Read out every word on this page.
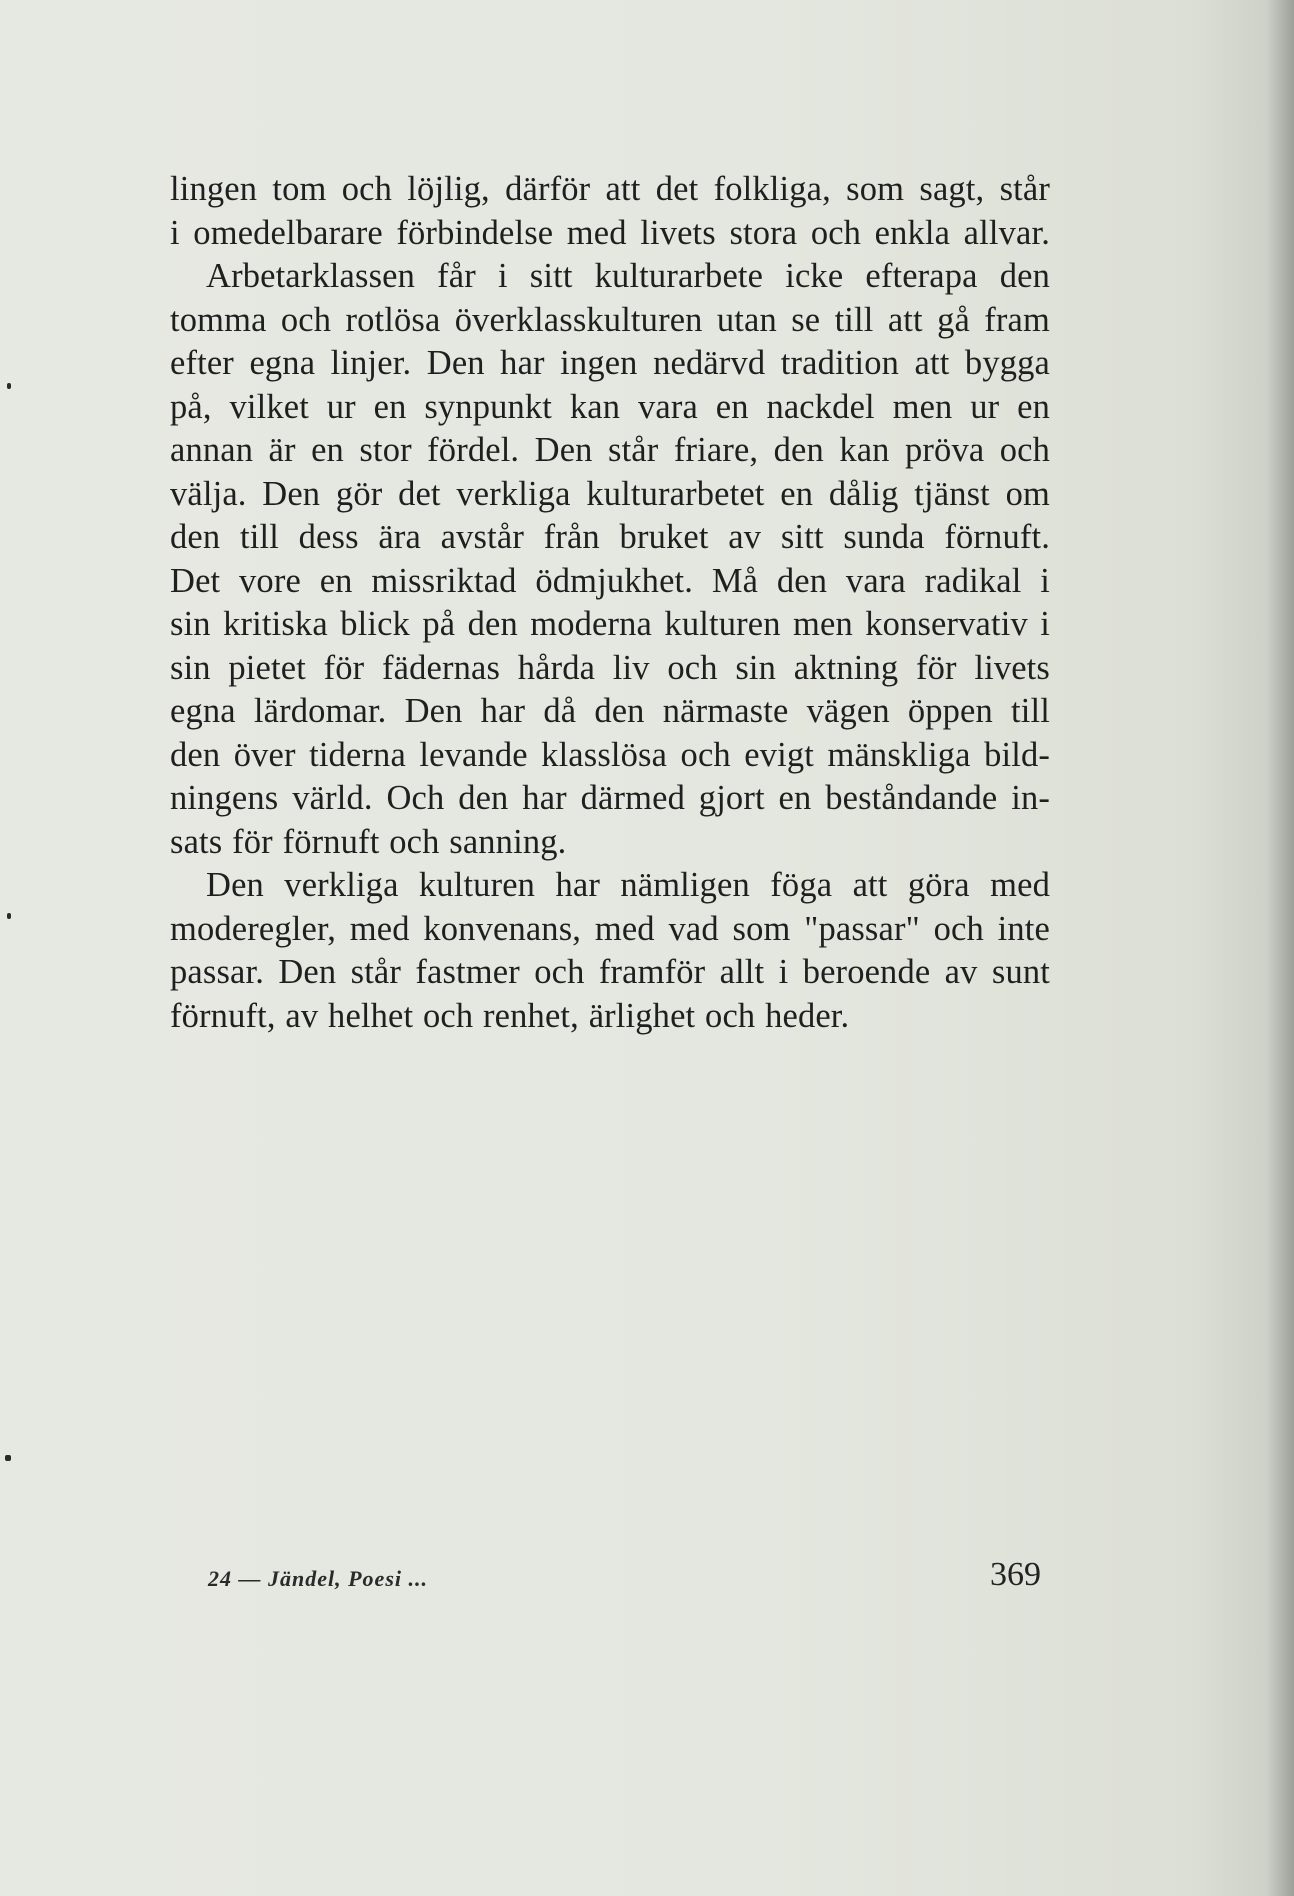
lingen tom och löjlig, därför att det folkliga, som sagt, står
i omedelbarare förbindelse med livets stora och enkla allvar.
Arbetarklassen får i sitt kulturarbete icke efterapa den
tomma och rotlösa överklasskulturen utan se till att gå fram
efter egna linjer. Den har ingen nedärvd tradition att bygga
på, vilket ur en synpunkt kan vara en nackdel men ur en
annan är en stor fördel. Den står friare, den kan pröva och
välja. Den gör det verkliga kulturarbetet en dålig tjänst om
den till dess ära avstår från bruket av sitt sunda förnuft.
Det vore en missriktad ödmjukhet. Må den vara radikal i
sin kritiska blick på den moderna kulturen men konservativ i
sin pietet för fädernas hårda liv och sin aktning för livets
egna lärdomar. Den har då den närmaste vägen öppen till
den över tiderna levande klasslösa och evigt mänskliga bild-
ningens värld. Och den har därmed gjort en beståndande in-
sats för förnuft och sanning.
Den verkliga kulturen har nämligen föga att göra med
moderegler, med konvenans, med vad som "passar" och inte
passar. Den står fastmer och framför allt i beroende av sunt
förnuft, av helhet och renhet, ärlighet och heder.
24 — Jändel, Poesi ...	369
